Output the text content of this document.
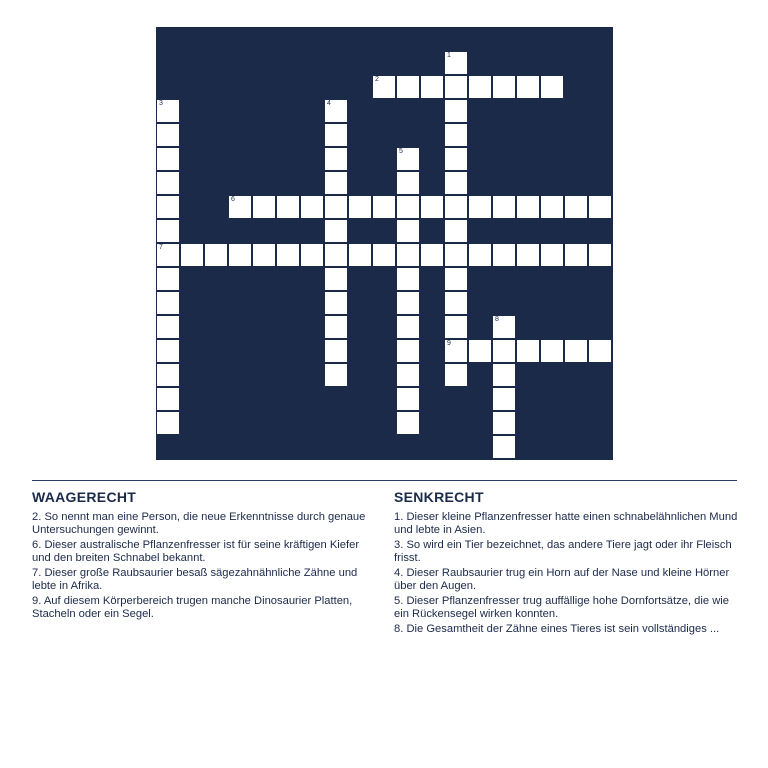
1
9
2
3
7
4
5
6
8
WAAGERECHT

2. So nennt man eine Person, die neue Erkenntnisse durch genaue Untersuchungen gewinnt.

6. Dieser australische Pflanzenfresser ist für seine kräftigen Kiefer und den breiten Schnabel bekannt.

7. Dieser große Raubsaurier besaß sägezahnähnliche Zähne und lebte in Afrika.

9. Auf diesem Körperbereich trugen manche Dinosaurier Platten, Stacheln oder ein Segel.

SENKRECHT

1. Dieser kleine Pflanzenfresser hatte einen schnabelähnlichen Mund und lebte in Asien.

3. So wird ein Tier bezeichnet, das andere Tiere jagt oder ihr Fleisch frisst.

4. Dieser Raubsaurier trug ein Horn auf der Nase und kleine Hörner über den Augen.

5. Dieser Pflanzenfresser trug auffällige hohe Dornfortsätze, die wie ein Rückensegel wirken konnten.

8. Die Gesamtheit der Zähne eines Tieres ist sein vollständiges ...
